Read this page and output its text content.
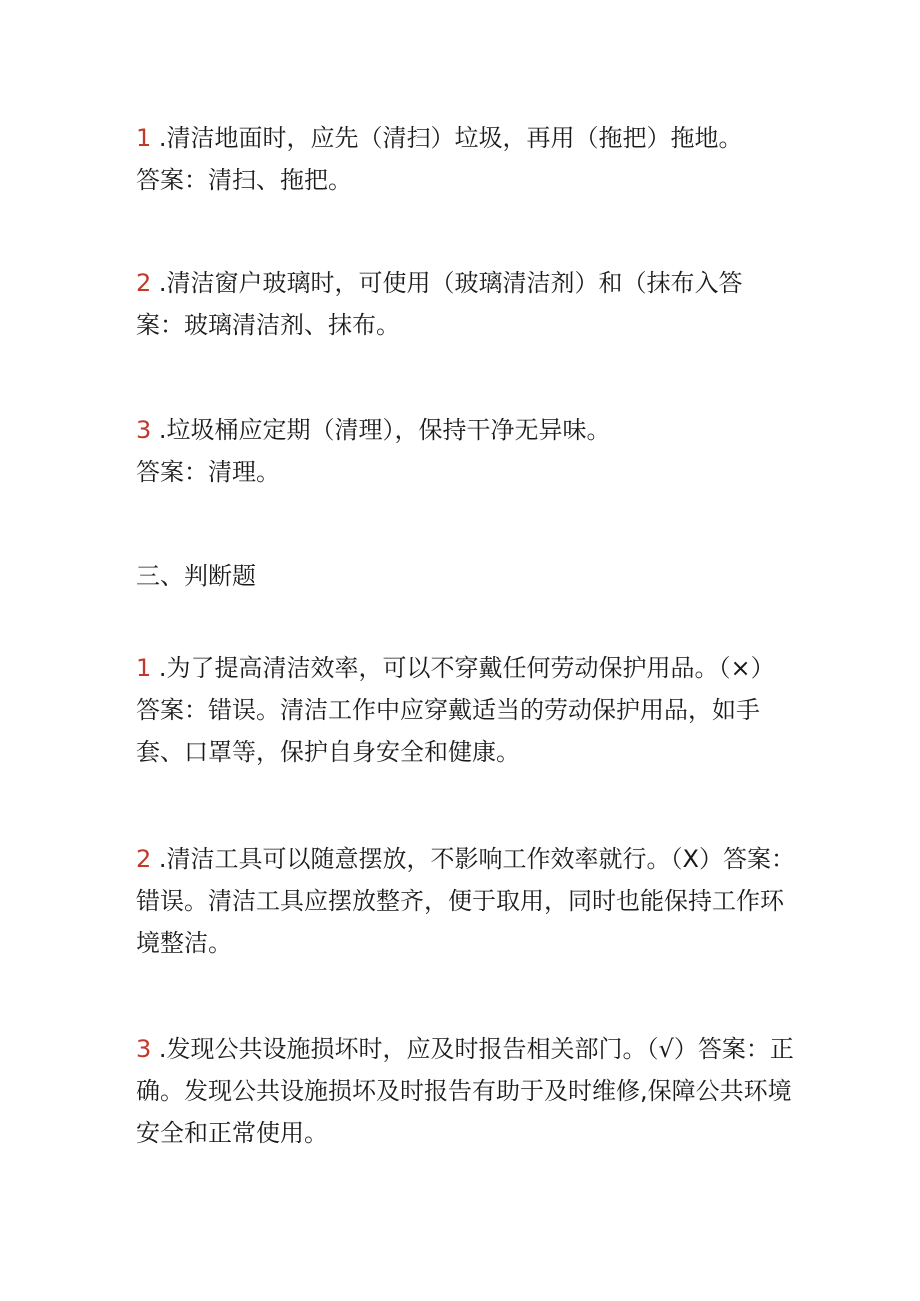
1 .清洁地面时，应先（清扫）垃圾，再用（拖把）拖地。
答案：清扫、拖把。
2 .清洁窗户玻璃时，可使用（玻璃清洁剂）和（抹布入答
案：玻璃清洁剂、抹布。
3 .垃圾桶应定期（清理），保持干净无异味。
答案：清理。
三、判断题
1 .为了提高清洁效率，可以不穿戴任何劳动保护用品。（×）答案：错误。清洁工作中应穿戴适当的劳动保护用品，如手套、口罩等，保护自身安全和健康。
2 .清洁工具可以随意摆放，不影响工作效率就行。（X）答案：错误。清洁工具应摆放整齐，便于取用，同时也能保持工作环境整洁。
3 .发现公共设施损坏时，应及时报告相关部门。（√）答案：正确。发现公共设施损坏及时报告有助于及时维修,保障公共环境安全和正常使用。
